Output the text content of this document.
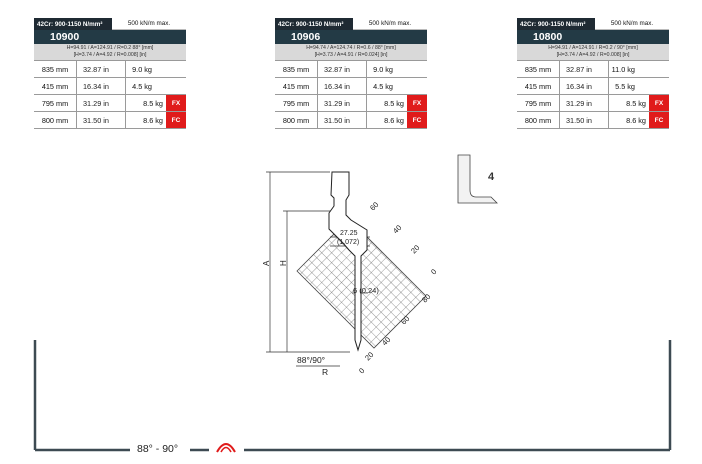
42Cr: 900-1150 N/mm²	500 kN/m max.
10900
H=94.91 / A=124.91 / R=0.2 88° [mm]
[H=3.74 / A=4.92 / R=0.008] [in]
835 mm	32.87 in	9.0 kg	
415 mm	16.34 in	4.5 kg	
795 mm	31.29 in	8.5 kg	FX
800 mm	31.50 in	8.6 kg	FC
42Cr: 900-1150 N/mm²	500 kN/m max.
10906
H=94.74 / A=124.74 / R=0.6 / 88° [mm]
[H=3.73 / A=4.91 / R=0.024] [in]
835 mm	32.87 in	9.0 kg	
415 mm	16.34 in	4.5 kg	
795 mm	31.29 in	8.5 kg	FX
800 mm	31.50 in	8.6 kg	FC
42Cr: 900-1150 N/mm²	500 kN/m max.
10800
H=94.91 / A=124.91 / R=0.2 / 90° [mm]
[H=3.74 / A=4.92 / R=0.008] [in]
835 mm	32.87 in	11.0 kg	
415 mm	16.34 in	5.5 kg	
795 mm	31.29 in	8.5 kg	FX
800 mm	31.50 in	8.6 kg	FC
4
60
40
20
0
80
60
40
20
0
A H
27.25
(1.072)
6 (0.24)
88°/90°
R
88° - 90°
